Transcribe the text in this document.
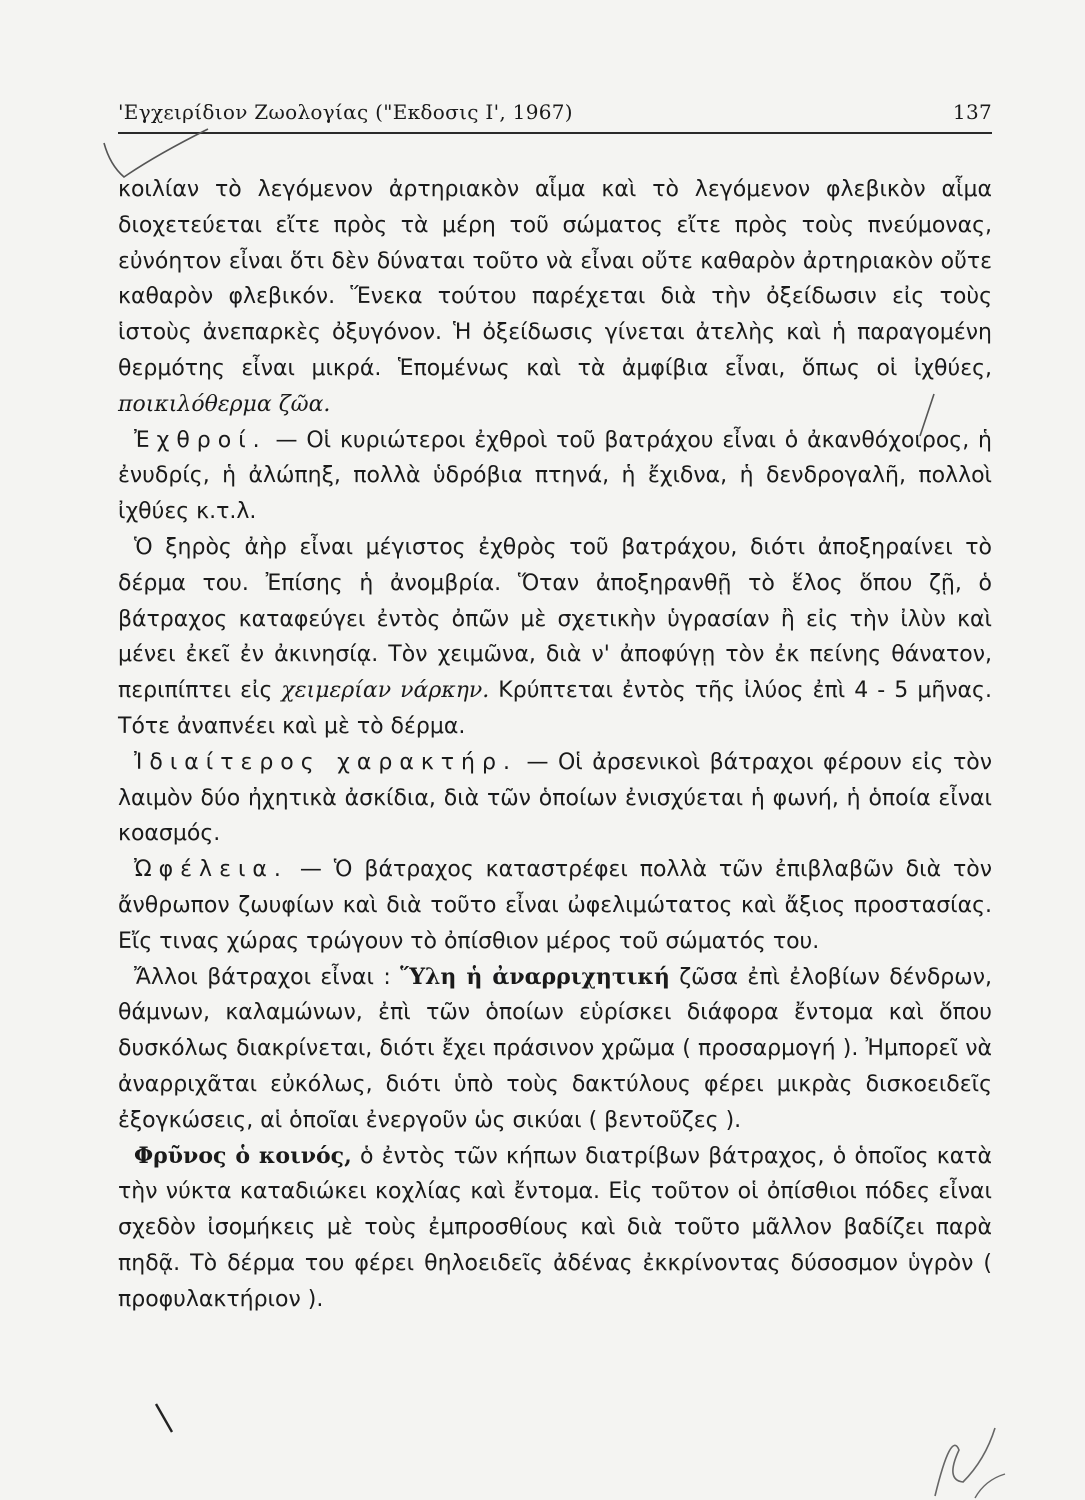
'Εγχειρίδιον Ζωολογίας ("Εκδοσις Ι', 1967)	137

κοιλίαν τὸ λεγόμενον ἀρτηριακὸν αἷμα καὶ τὸ λεγόμενον φλεβικὸν αἷμα διοχετεύεται εἴτε πρὸς τὰ μέρη τοῦ σώματος εἴτε πρὸς τοὺς πνεύμονας, εὐνόητον εἶναι ὅτι δὲν δύναται τοῦτο νὰ εἶναι οὔτε καθαρὸν ἀρτηριακὸν οὔτε καθαρὸν φλεβικόν. Ἕνεκα τούτου παρέχεται διὰ τὴν ὀξείδωσιν εἰς τοὺς ἱστοὺς ἀνεπαρκὲς ὀξυγόνον. Ἡ ὀξείδωσις γίνεται ἀτελὴς καὶ ἡ παραγομένη θερμότης εἶναι μικρά. Ἑπομένως καὶ τὰ ἀμφίβια εἶναι, ὅπως οἱ ἰχθύες, ποικιλόθερμα ζῶα.

Ἐχθροί. — Οἱ κυριώτεροι ἐχθροὶ τοῦ βατράχου εἶναι ὁ ἀκανθόχοιρος, ἡ ἐνυδρίς, ἡ ἀλώπηξ, πολλὰ ὑδρόβια πτηνά, ἡ ἔχιδνα, ἡ δενδρογαλῆ, πολλοὶ ἰχθύες κ.τ.λ.

Ὁ ξηρὸς ἀὴρ εἶναι μέγιστος ἐχθρὸς τοῦ βατράχου, διότι ἀποξηραίνει τὸ δέρμα του. Ἐπίσης ἡ ἀνομβρία. Ὅταν ἀποξηρανθῇ τὸ ἕλος ὅπου ζῇ, ὁ βάτραχος καταφεύγει ἐντὸς ὀπῶν μὲ σχετικὴν ὑγρασίαν ἢ εἰς τὴν ἰλὺν καὶ μένει ἐκεῖ ἐν ἀκινησίᾳ. Τὸν χειμῶνα, διὰ ν' ἀποφύγῃ τὸν ἐκ πείνης θάνατον, περιπίπτει εἰς χειμερίαν νάρκην. Κρύπτεται ἐντὸς τῆς ἰλύος ἐπὶ 4 - 5 μῆνας. Τότε ἀναπνέει καὶ μὲ τὸ δέρμα.

Ἰδιαίτερος χαρακτήρ. — Οἱ ἀρσενικοὶ βάτραχοι φέρουν εἰς τὸν λαιμὸν δύο ἠχητικὰ ἀσκίδια, διὰ τῶν ὁποίων ἐνισχύεται ἡ φωνή, ἡ ὁποία εἶναι κοασμός.

Ὠφέλεια. — Ὁ βάτραχος καταστρέφει πολλὰ τῶν ἐπιβλαβῶν διὰ τὸν ἄνθρωπον ζωυφίων καὶ διὰ τοῦτο εἶναι ὠφελιμώτατος καὶ ἄξιος προστασίας. Εἴς τινας χώρας τρώγουν τὸ ὀπίσθιον μέρος τοῦ σώματός του.

Ἄλλοι βάτραχοι εἶναι : Ὕλη ἡ ἀναρριχητική ζῶσα ἐπὶ ἐλοβίων δένδρων, θάμνων, καλαμώνων, ἐπὶ τῶν ὁποίων εὑρίσκει διάφορα ἔντομα καὶ ὅπου δυσκόλως διακρίνεται, διότι ἔχει πράσινον χρῶμα ( προσαρμογή ). Ἠμπορεῖ νὰ ἀναρριχᾶται εὐκόλως, διότι ὑπὸ τοὺς δακτύλους φέρει μικρὰς δισκοειδεῖς ἐξογκώσεις, αἱ ὁποῖαι ἐνεργοῦν ὡς σικύαι ( βεντοῦζες ).

Φρῦνος ὁ κοινός, ὁ ἐντὸς τῶν κήπων διατρίβων βάτραχος, ὁ ὁποῖος κατὰ τὴν νύκτα καταδιώκει κοχλίας καὶ ἔντομα. Εἰς τοῦτον οἱ ὀπίσθιοι πόδες εἶναι σχεδὸν ἰσομήκεις μὲ τοὺς ἐμπροσθίους καὶ διὰ τοῦτο μᾶλλον βαδίζει παρὰ πηδᾷ. Τὸ δέρμα του φέρει θηλοειδεῖς ἀδένας ἐκκρίνοντας δύσοσμον ὑγρὸν ( προφυλακτήριον ).
